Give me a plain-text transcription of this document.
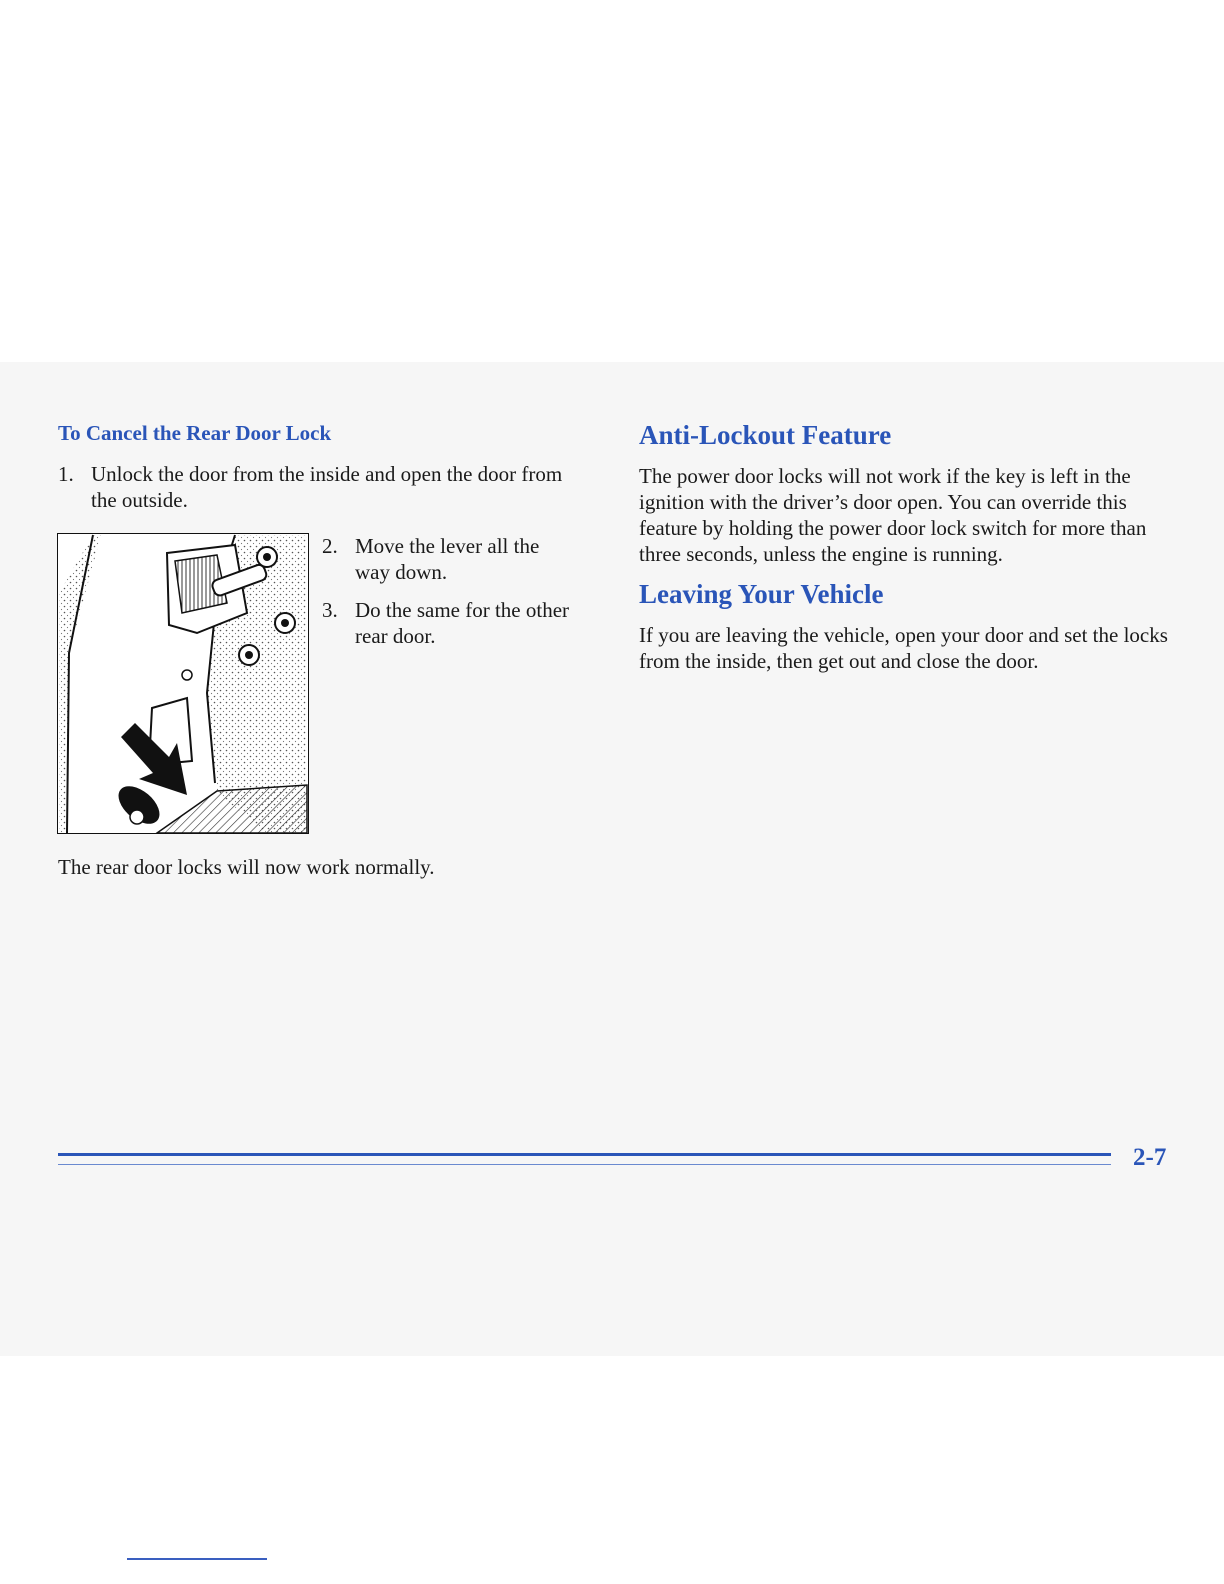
To Cancel the Rear Door Lock
1. Unlock the door from the inside and open the door from the outside.
2. Move the lever all the way down.
3. Do the same for the other rear door.

The rear door locks will now work normally.

Anti-Lockout Feature

The power door locks will not work if the key is left in the ignition with the driver’s door open. You can override this feature by holding the power door lock switch for more than three seconds, unless the engine is running.

Leaving Your Vehicle

If you are leaving the vehicle, open your door and set the locks from the inside, then get out and close the door.

2-7
